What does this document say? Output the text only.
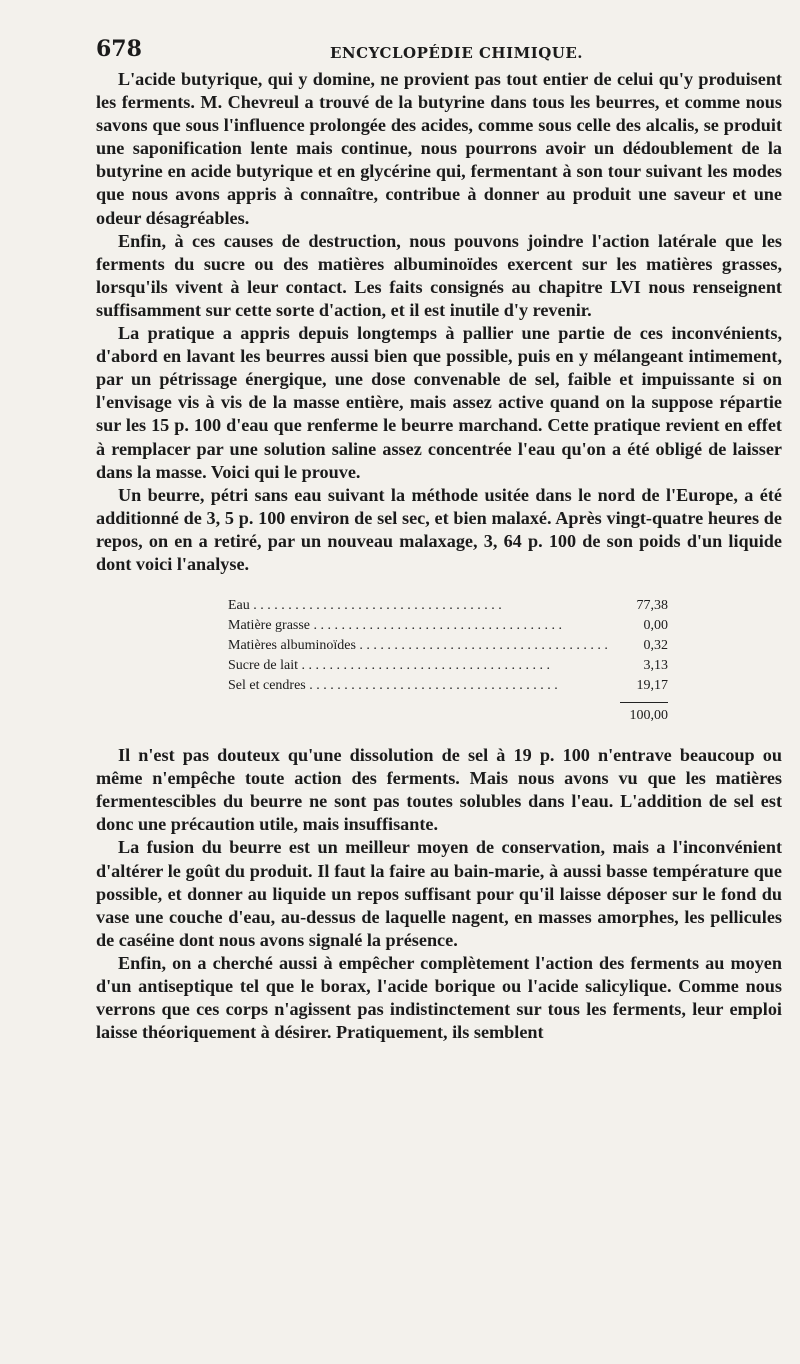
678	ENCYCLOPÉDIE CHIMIQUE.

L'acide butyrique, qui y domine, ne provient pas tout entier de celui qu'y produisent les ferments. M. Chevreul a trouvé de la butyrine dans tous les beurres, et comme nous savons que sous l'influence prolongée des acides, comme sous celle des alcalis, se produit une saponification lente mais continue, nous pourrons avoir un dédoublement de la butyrine en acide butyrique et en glycérine qui, fermentant à son tour suivant les modes que nous avons appris à connaître, contribue à donner au produit une saveur et une odeur désagréables.

Enfin, à ces causes de destruction, nous pouvons joindre l'action latérale que les ferments du sucre ou des matières albuminoïdes exercent sur les matières grasses, lorsqu'ils vivent à leur contact. Les faits consignés au chapitre LVI nous renseignent suffisamment sur cette sorte d'action, et il est inutile d'y revenir.

La pratique a appris depuis longtemps à pallier une partie de ces inconvénients, d'abord en lavant les beurres aussi bien que possible, puis en y mélangeant intimement, par un pétrissage énergique, une dose convenable de sel, faible et impuissante si on l'envisage vis à vis de la masse entière, mais assez active quand on la suppose répartie sur les 15 p. 100 d'eau que renferme le beurre marchand. Cette pratique revient en effet à remplacer par une solution saline assez concentrée l'eau qu'on a été obligé de laisser dans la masse. Voici qui le prouve.

Un beurre, pétri sans eau suivant la méthode usitée dans le nord de l'Europe, a été additionné de 3, 5 p. 100 environ de sel sec, et bien malaxé. Après vingt-quatre heures de repos, on en a retiré, par un nouveau malaxage, 3, 64 p. 100 de son poids d'un liquide dont voici l'analyse.

Eau . . .	77,38
Matière grasse . . .	0,00
Matières albuminoïdes . . .	0,32
Sucre de lait . . .	3,13
Sel et cendres . . .	19,17
100,00

Il n'est pas douteux qu'une dissolution de sel à 19 p. 100 n'entrave beaucoup ou même n'empêche toute action des ferments. Mais nous avons vu que les matières fermentescibles du beurre ne sont pas toutes solubles dans l'eau. L'addition de sel est donc une précaution utile, mais insuffisante.

La fusion du beurre est un meilleur moyen de conservation, mais a l'inconvénient d'altérer le goût du produit. Il faut la faire au bain-marie, à aussi basse température que possible, et donner au liquide un repos suffisant pour qu'il laisse déposer sur le fond du vase une couche d'eau, au-dessus de laquelle nagent, en masses amorphes, les pellicules de caséine dont nous avons signalé la présence.

Enfin, on a cherché aussi à empêcher complètement l'action des ferments au moyen d'un antiseptique tel que le borax, l'acide borique ou l'acide salicylique. Comme nous verrons que ces corps n'agissent pas indistinctement sur tous les ferments, leur emploi laisse théoriquement à désirer. Pratiquement, ils semblent
